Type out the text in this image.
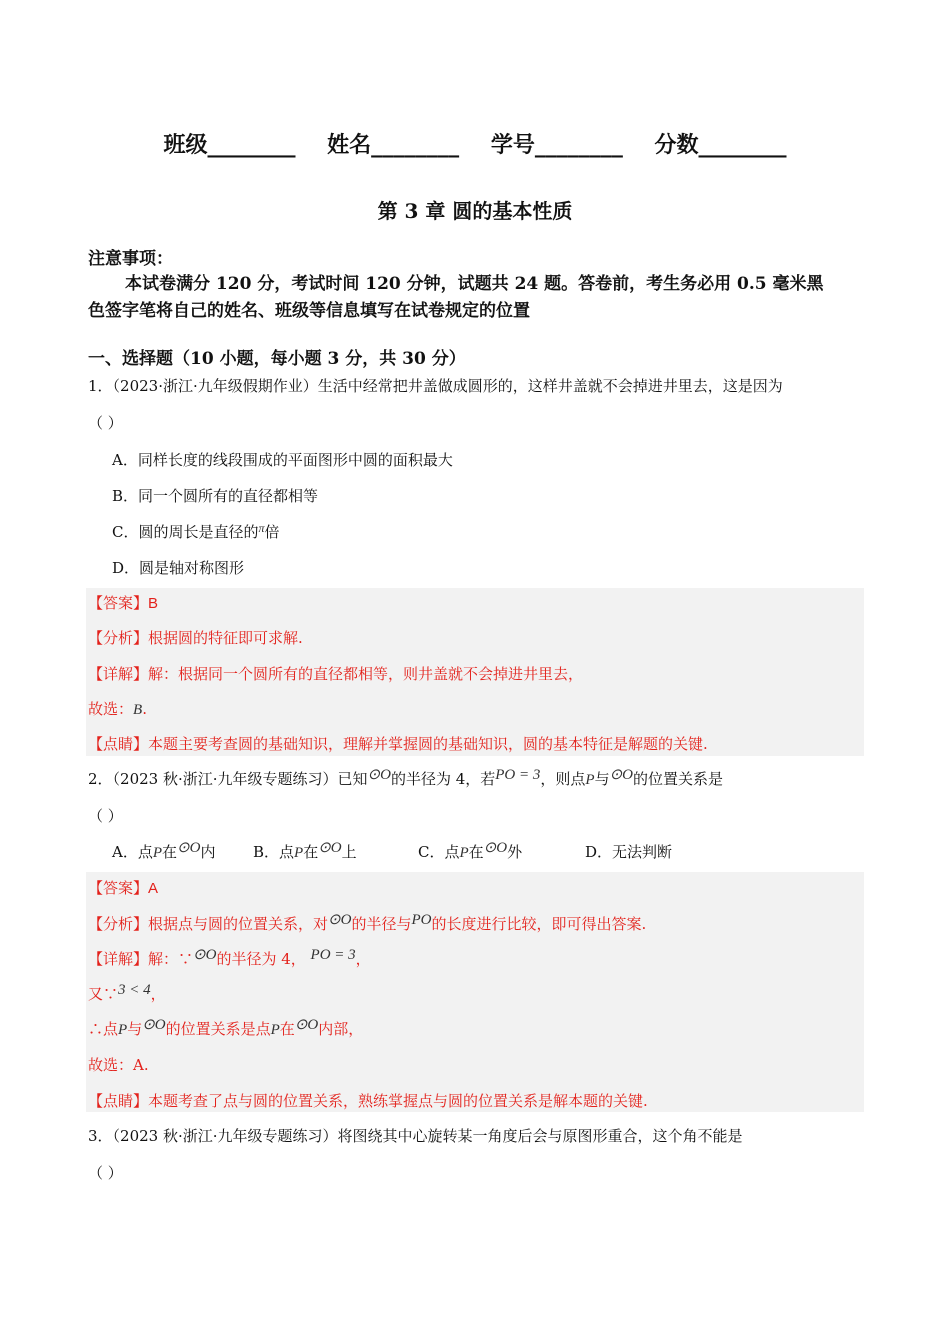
班级________ 姓名________ 学号________ 分数________
第 3 章 圆的基本性质
注意事项：
本试卷满分 120 分，考试时间 120 分钟，试题共 24 题。答卷前，考生务必用 0.5 毫米黑
色签字笔将自己的姓名、班级等信息填写在试卷规定的位置
一、选择题（10 小题，每小题 3 分，共 30 分）
1．（2023·浙江·九年级假期作业）生活中经常把井盖做成圆形的，这样井盖就不会掉进井里去，这是因为
（ ）
A．同样长度的线段围成的平面图形中圆的面积最大
B．同一个圆所有的直径都相等
C．圆的周长是直径的$^\pi$倍
D．圆是轴对称图形
【答案】B
【分析】根据圆的特征即可求解.
【详解】解：根据同一个圆所有的直径都相等，则井盖就不会掉进井里去，
故选：B.
【点睛】本题主要考查圆的基础知识，理解并掌握圆的基础知识，圆的基本特征是解题的关键.
2．（2023 秋·浙江·九年级专题练习）已知⊙O的半径为 4，若PO = 3，则点P与⊙O的位置关系是
（ ）
A．点P在⊙O内	B．点P在⊙O上	C．点P在⊙O外	D．无法判断
【答案】A
【分析】根据点与圆的位置关系，对⊙O的半径与PO的长度进行比较，即可得出答案.
【详解】解：∵⊙O的半径为 4， PO = 3，
又∵3 < 4，
∴点P与⊙O的位置关系是点P在⊙O内部，
故选：A.
【点睛】本题考查了点与圆的位置关系，熟练掌握点与圆的位置关系是解本题的关键.
3．（2023 秋·浙江·九年级专题练习）将图绕其中心旋转某一角度后会与原图形重合，这个角不能是
（ ）
